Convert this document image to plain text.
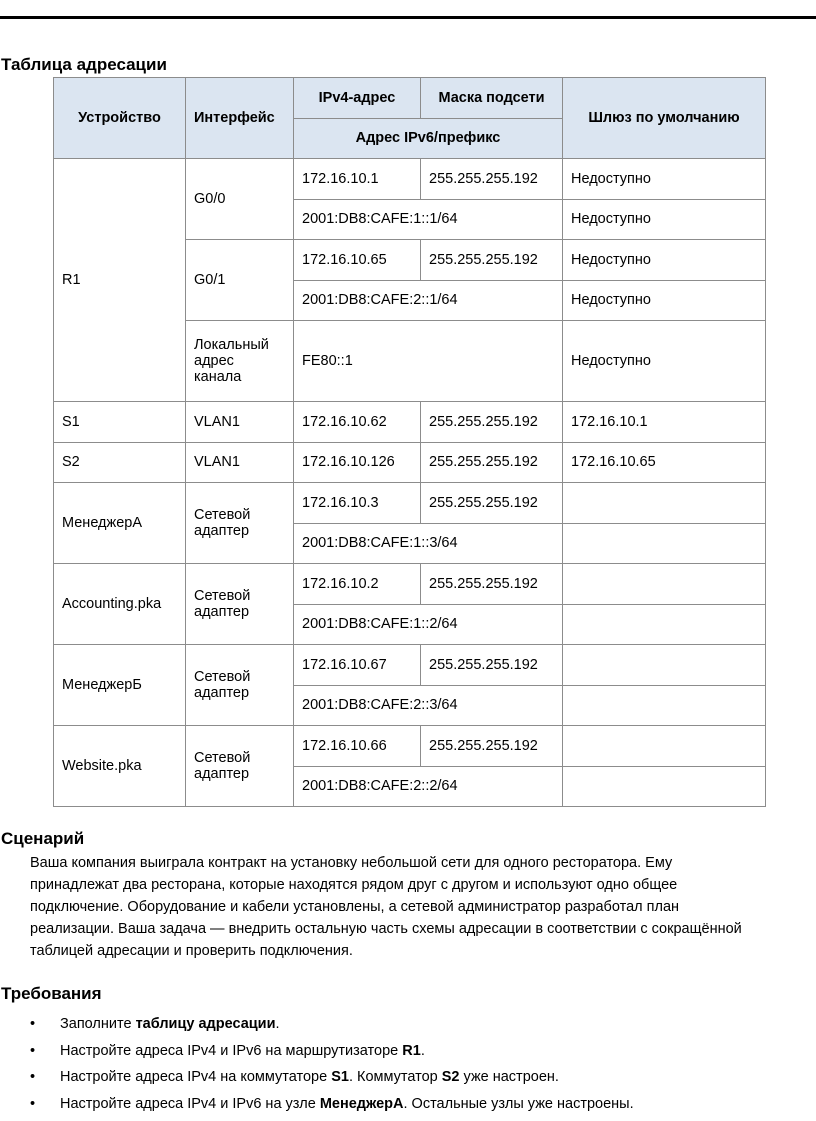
Таблица адресации
Устройство	Интерфейс	IPv4-адрес	Маска подсети	Шлюз по умолчанию
		Адрес IPv6/префикс		
R1	G0/0	172.16.10.1	255.255.255.192	Недоступно
		2001:DB8:CAFE:1::1/64		Недоступно
	G0/1	172.16.10.65	255.255.255.192	Недоступно
		2001:DB8:CAFE:2::1/64		Недоступно
	Локальный адрес канала	FE80::1		Недоступно
S1	VLAN1	172.16.10.62	255.255.255.192	172.16.10.1
S2	VLAN1	172.16.10.126	255.255.255.192	172.16.10.65
МенеджерА	Сетевой адаптер	172.16.10.3	255.255.255.192	
		2001:DB8:CAFE:1::3/64		
Accounting.pka	Сетевой адаптер	172.16.10.2	255.255.255.192	
		2001:DB8:CAFE:1::2/64		
МенеджерБ	Сетевой адаптер	172.16.10.67	255.255.255.192	
		2001:DB8:CAFE:2::3/64		
Website.pka	Сетевой адаптер	172.16.10.66	255.255.255.192	
		2001:DB8:CAFE:2::2/64		
Сценарий

Ваша компания выиграла контракт на установку небольшой сети для одного ресторатора. Ему принадлежат два ресторана, которые находятся рядом друг с другом и используют одно общее подключение. Оборудование и кабели установлены, а сетевой администратор разработал план реализации. Ваша задача — внедрить остальную часть схемы адресации в соответствии с сокращённой таблицей адресации и проверить подключения.

Требования
• Заполните таблицу адресации.
• Настройте адреса IPv4 и IPv6 на маршрутизаторе R1.
• Настройте адреса IPv4 на коммутаторе S1. Коммутатор S2 уже настроен.
• Настройте адреса IPv4 и IPv6 на узле МенеджерА. Остальные узлы уже настроены.
